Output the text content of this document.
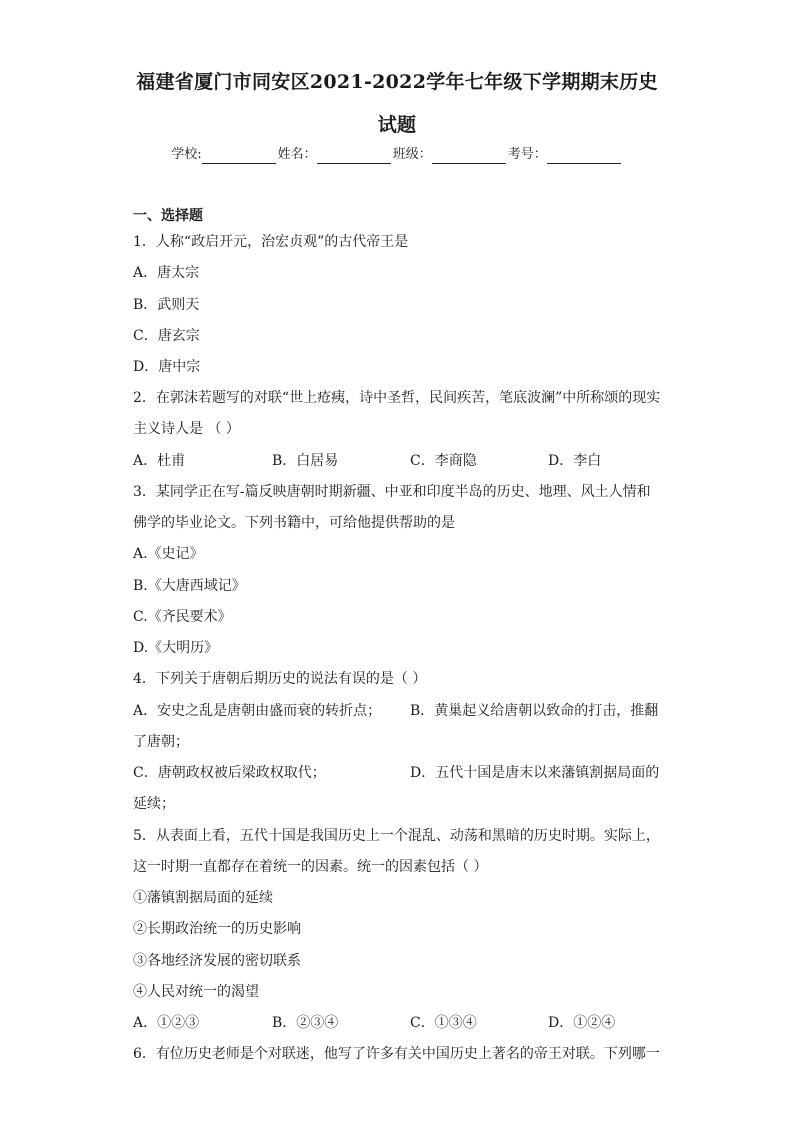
福建省厦门市同安区2021-2022学年七年级下学期期末历史
试题
学校:	姓名：	班级：	考号：
一、选择题
1．人称“政启开元，治宏贞观”的古代帝王是
A．唐太宗
B．武则天
C．唐玄宗
D．唐中宗
2．在郭沫若题写的对联“世上疮痍，诗中圣哲，民间疾苦，笔底波澜”中所称颂的现实
主义诗人是 （ ）
A．杜甫	B．白居易	C．李商隐	D．李白
3．某同学正在写-篇反映唐朝时期新疆、中亚和印度半岛的历史、地理、风土人情和
佛学的毕业论文。下列书籍中，可给他提供帮助的是
A.《史记》
B.《大唐西域记》
C.《齐民要术》
D.《大明历》
4．下列关于唐朝后期历史的说法有误的是（ ）
A．安史之乱是唐朝由盛而衰的转折点； B．黄巢起义给唐朝以致命的打击，推翻
了唐朝；
C．唐朝政权被后梁政权取代；	D．五代十国是唐末以来藩镇割据局面的
延续；
5．从表面上看，五代十国是我国历史上一个混乱、动荡和黑暗的历史时期。实际上，
这一时期一直都存在着统一的因素。统一的因素包括（ ）
①藩镇割据局面的延续
②长期政治统一的历史影响
③各地经济发展的密切联系
④人民对统一的渴望
A．①②③	B．②③④	C．①③④	D．①②④
6．有位历史老师是个对联迷，他写了许多有关中国历史上著名的帝王对联。下列哪一
